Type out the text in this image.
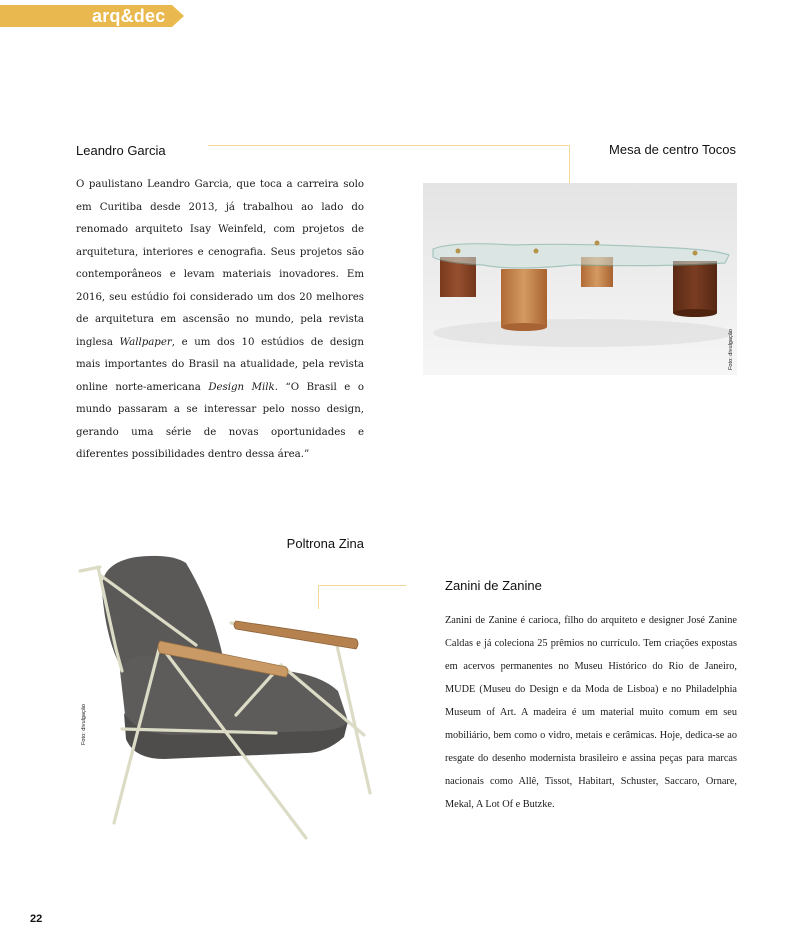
arq&dec
Leandro Garcia	Mesa de centro Tocos

O paulistano Leandro Garcia, que toca a carreira solo em Curitiba desde 2013, já trabalhou ao lado do renomado arquiteto Isay Weinfeld, com projetos de arquitetura, interiores e cenografia. Seus projetos são contemporâneos e levam materiais inovadores. Em 2016, seu estúdio foi considerado um dos 20 melhores de arquitetura em ascensão no mundo, pela revista inglesa Wallpaper, e um dos 10 estúdios de design mais importantes do Brasil na atualidade, pela revista online norte-americana Design Milk. “O Brasil e o mundo passaram a se interessar pelo nosso design, gerando uma série de novas oportunidades e diferentes possibilidades dentro dessa área.”

Foto: divulgação
Poltrona Zina
Foto: divulgação
Zanini de Zanine

Zanini de Zanine é carioca, filho do arquiteto e designer José Zanine Caldas e já coleciona 25 prêmios no currículo. Tem criações expostas em acervos permanentes no Museu Histórico do Rio de Janeiro, MUDE (Museu do Design e da Moda de Lisboa) e no Philadelphia Museum of Art. A madeira é um material muito comum em seu mobiliário, bem como o vidro, metais e cerâmicas. Hoje, dedica-se ao resgate do desenho modernista brasileiro e assina peças para marcas nacionais como Allê, Tissot, Habitart, Schuster, Saccaro, Ornare, Mekal, A Lot Of e Butzke.

22
